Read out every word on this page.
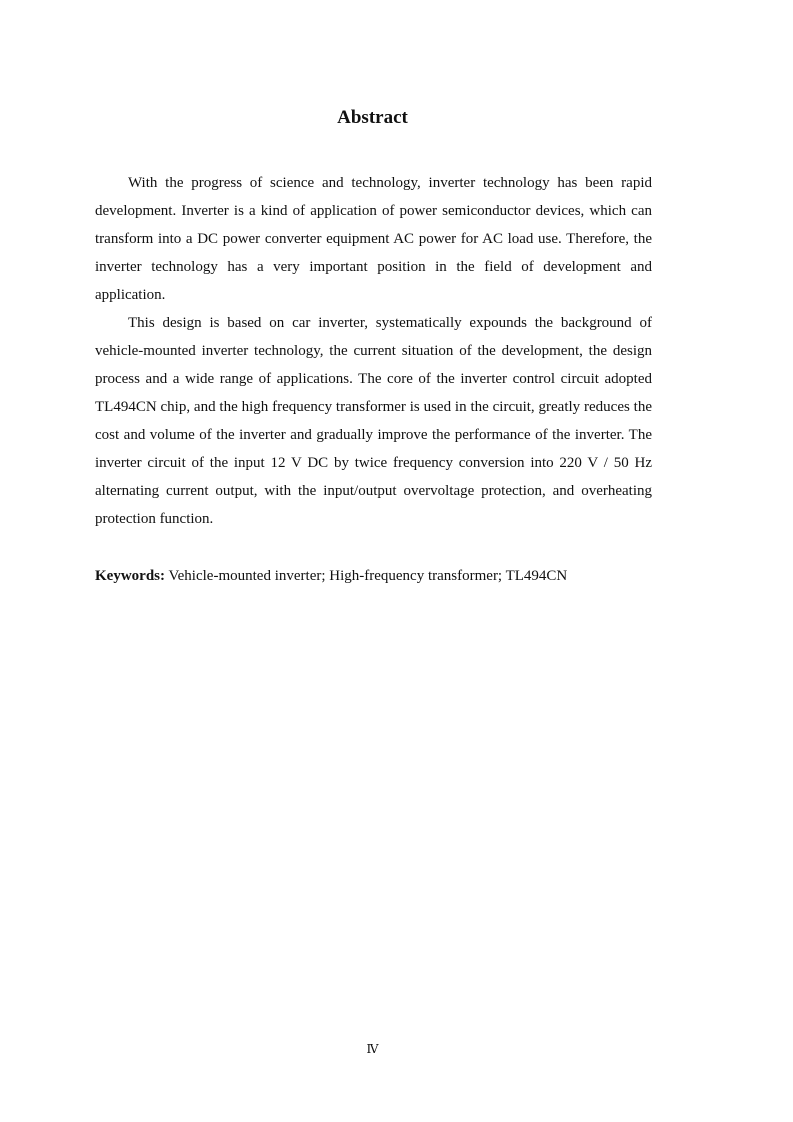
Abstract

With the progress of science and technology, inverter technology has been rapid development. Inverter is a kind of application of power semiconductor devices, which can transform into a DC power converter equipment AC power for AC load use. Therefore, the inverter technology has a very important position in the field of development and application.

This design is based on car inverter, systematically expounds the background of vehicle-mounted inverter technology, the current situation of the development, the design process and a wide range of applications. The core of the inverter control circuit adopted TL494CN chip, and the high frequency transformer is used in the circuit, greatly reduces the cost and volume of the inverter and gradually improve the performance of the inverter. The inverter circuit of the input 12 V DC by twice frequency conversion into 220 V / 50 Hz alternating current output, with the input/output overvoltage protection, and overheating protection function.

Keywords: Vehicle-mounted inverter; High-frequency transformer; TL494CN

Ⅳ
